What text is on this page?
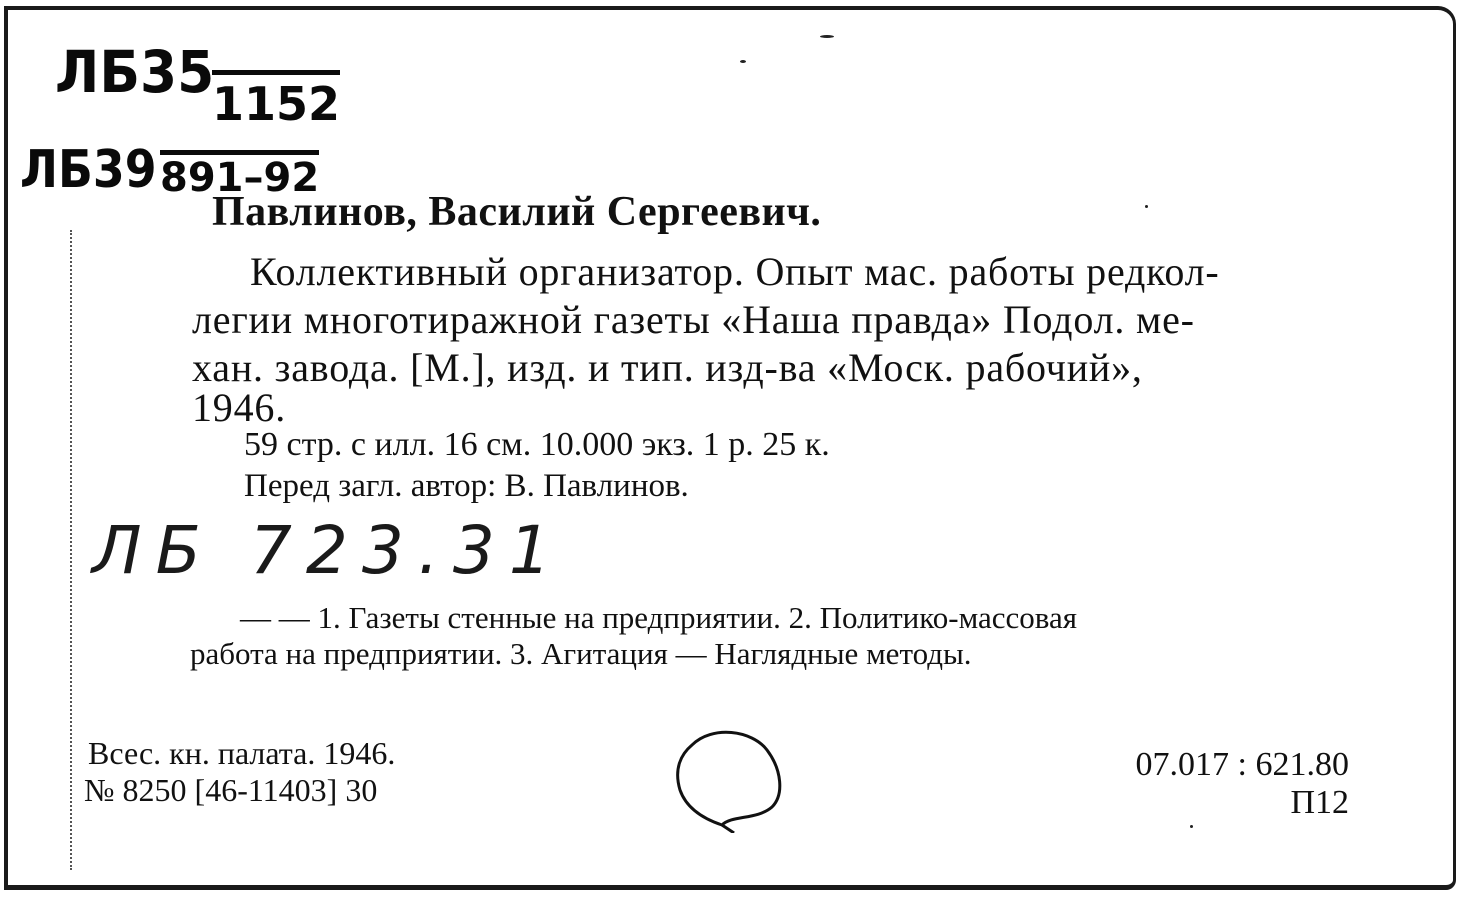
ЛБ35
1152
ЛБ39 891–92
Павлинов, Василий Сергеевич.
Коллективный организатор. Опыт мас. работы редкол-
легии многотиражной газеты «Наша правда» Подол. ме-
хан. завода. [М.], изд. и тип. изд-ва «Моск. рабочий»,
1946.
59 стр. с илл. 16 см. 10.000 экз. 1 р. 25 к.
Перед загл. автор: В. Павлинов.
ЛБ 723.31
— — 1. Газеты стенные на предприятии. 2. Политико-массовая
работа на предприятии. 3. Агитация — Наглядные методы.
Всес. кн. палата. 1946.
№ 8250 [46-11403] 30
07.017 : 621.80
П12
